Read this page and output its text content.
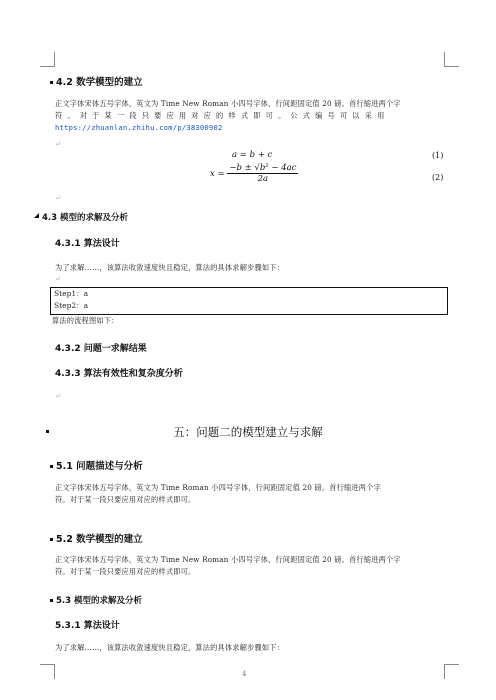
4.2 数学模型的建立
正文字体宋体五号字体，英文为 Time New Roman 小四号字体，行间距固定值 20 磅。首行缩进两个字
符。对于某一段只要应用对应的样式即可。公式编号可以采用
https://zhuanlan.zhihu.com/p/38300902
a = b + c	(1)
$x = \frac{\text{−b ± √b² − 4ac}}{2a}$	(2)
4.3 模型的求解及分析
4.3.1 算法设计
为了求解……，该算法收敛速度快且稳定，算法的具体求解步骤如下：
Step1：a
Step2：a
算法的流程图如下：
4.3.2 问题一求解结果
4.3.3 算法有效性和复杂度分析
五：问题二的模型建立与求解
5.1 问题描述与分析
正文字体宋体五号字体，英文为 Time Roman 小四号字体，行间距固定值 20 磅。首行缩进两个字
符。对于某一段只要应用对应的样式即可。
5.2 数学模型的建立
正文字体宋体五号字体，英文为 Time New Roman 小四号字体，行间距固定值 20 磅。首行缩进两个字
符。对于某一段只要应用对应的样式即可。
5.3 模型的求解及分析
5.3.1 算法设计
为了求解……，该算法收敛速度快且稳定，算法的具体求解步骤如下：
↵
↵
↵
↵
4
